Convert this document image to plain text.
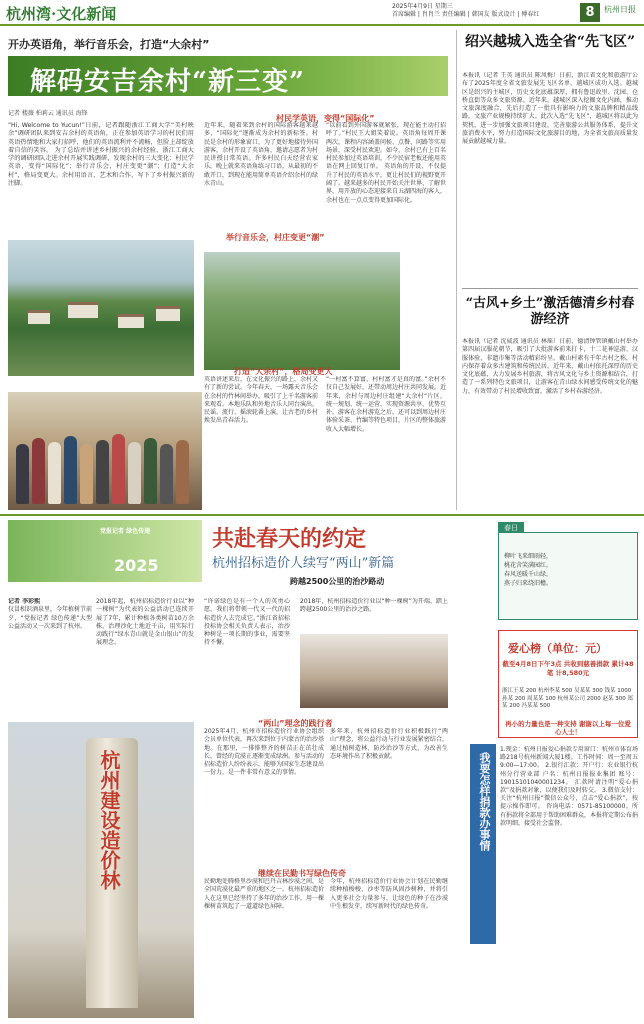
杭州湾·文化新闻	2025年4月9日 星期三
首席编辑 | 肖肖兰 责任编辑 | 韩国友 版式设计 | 傅春红	8	杭州日报
开办英语角，举行音乐会，打造“大余村”
解码安吉余村“新三变”
记者 楼薇 柏莉云 通讯员 海锋
“Hi, Welcome to Yucun!”日前，记者跟随浙江工商大学“美村映余”调研团队来到安吉余村的英语角，正在参加英语学习的村民们用英语热情地和大家打招呼，他们的英语流利并不流畅，但脸上却绽放着自信的笑容。 为了总结并讲述乡村振兴的余村经验，浙江工商大学的调研团队走进余村开展实践调研，发现余村的三大变化：村民学英语，变得“国际化”；举行音乐会，村庄变更“潮”；打造“大余村”，格局变更大。余村用语言、艺术和合作，写下了乡村振兴新的注脚。
村民学英语，变得“国际化”
近年来，随着来到余村的国际游客越来越多，“国际化”逐渐成为余村的新标签。村民是余村的形象窗口，为了更好地接待外国游客，余村开设了英语角，邀请志愿者为村民讲授日常英语。许多村民白天经营农家乐，晚上就来英语角练习口语，从最初的不敢开口，到现在能用简单英语介绍余村的绿水青山。
“以前看到外国游客就紧张，现在能主动打招呼了。”村民王大姐笑着说。英语角每周开课两次，课程内容涵盖问候、点餐、问路等实用场景，深受村民欢迎。如今，余村已有上百名村民参加过英语培训，不少民宿老板还能用英语在网上回复订单。 英语角的开设，不仅提升了村民的英语水平，更让村民们的视野更开阔了。越来越多的村民开始关注世界、了解世界，用开放的心态迎接来自五湖四海的客人，余村也在一点点变得更加国际化。
举行音乐会，村庄变更“潮”
打造“大余村”，格局变更大
英语讲述来后，在文化振兴的路上，余村又有了新的尝试。今年春天，一场露天音乐会在余村的竹林间举办，吸引了上千名游客前来观看。本地乐队和外地音乐人同台演出，民谣、流行、摇滚轮番上演，让古老的乡村焕发出青春活力。
“一村富不算富，村村富才是真的富。”余村不仅自己发展好，还带动周边村庄共同发展。近年来，余村与周边村庄组建“大余村”片区，统一规划、统一运营，实现资源共享、优势互补。游客在余村游览之后，还可以到周边村庄体验采茶、竹编等特色项目，片区的整体旅游收入大幅增长。
绍兴越城入选全省“先飞区”
本报讯（记者 王英 通讯员 陈凤梅）日前，浙江省文化和旅游厅公布了2025年度全省文旅发展先飞区名单，越城区成功入选。越城区是绍兴的主城区，历史文化底蕴深厚，拥有鲁迅故里、沈园、仓桥直街等众多文旅资源。近年来，越城区深入挖掘文化内涵，推动文旅深度融合，先后打造了一批具有影响力的文旅品牌和精品线路，文旅产业规模持续扩大。此次入选“先飞区”，越城区将以此为契机，进一步加强文旅项目建设，完善旅游公共服务体系，提升文旅消费水平，努力打造国际文化旅游目的地，为全省文旅高质量发展贡献越城力量。
“古风+乡土”激活德清乡村春游经济
本报讯（记者 沈威波 通讯员 林瑶）日前，德清钟管镇戴山村举办第四届汉服花朝节，吸引了大批游客前来打卡，十二花神巡游、汉服体验、非遗市集等活动精彩纷呈。戴山村素有千年古村之称，村内保存着众多古建筑和传统民居。近年来，戴山村依托深厚的历史文化底蕴，大力发展乡村旅游，将古风文化与乡土资源相结合，打造了一系列特色文旅项目，让游客在青山绿水间感受传统文化的魅力，有效带动了村民增收致富，激活了乡村春游经济。
党报记者 绿色传递
2025
共赴春天的约定
杭州招标造价人续写“两山”新篇
跨越2500公里的治沙路动
记者 李彩熙
仅冒相识酒泉里，今年植树节前夕，“党报记者 绿色传递”大型公益活动又一次来到了杭州。
2018年起，杭州招标造价行业以“种一棵树”为代表的公益活动已连续开展了7年，累计种植各类树苗10万余株，治理沙化土地近千亩，用实际行动践行“绿水青山就是金山银山”的发展理念。
“许诺绿色是有一个人的英勇心愿，我们将带领一代又一代的招标造价人去完成它。”浙江省招标投标协会相关负责人表示，治沙种树是一项长期的事业，需要坚持不懈。
2018年，杭州招标造价行业以“种一棵树”为开端，踏上跨越2500公里的治沙之路。
杭州建设造价林
“两山”理念的践行者
2025年4月，杭州市招标造价行业协会组织会员单位代表，再次来到位于内蒙古的治沙基地。在那里，一排排整齐的树苗正在茁壮成长，曾经的荒漠正逐渐变成绿洲。参与活动的招标造价人纷纷表示，能够为国家生态建设出一份力，是一件非常有意义的事情。
多年来，杭州招标造价行业积极践行“两山”理念，将公益行动与行业发展紧密结合，通过植树造林、防沙治沙等方式，为改善生态环境作出了积极贡献。
继续在民勤书写绿色传奇
民勤地处腾格里沙漠和巴丹吉林沙漠之间，是全国荒漠化最严重的地区之一。杭州招标造价人在这里已经坚持了多年的治沙工作，用一棵棵树苗筑起了一道道绿色屏障。
今年，杭州招标造价行业协会计划在民勤继续种植梭梭、沙枣等防风固沙树种，并将引入更多社会力量参与，让绿色的种子在沙漠中生根发芽，续写新时代的绿色传奇。
春日
柳叶飞来细雨轻，
桃花含笑满园红。
春风送暖千山绿，
燕子归来绕旧檐。
爱心榜（单位：元）
截至4月8日下午3点 共收到慈善捐款 累计48笔 计8,580元
浙江王某 200 杭州李某 500 吴某某 300 钱某 1000 孙某 200 周某某 100 杭州某公司 2000 赵某 300 郑某 200 冯某某 500
再小的力量也是一种支持 谢谢以上每一位爱心人士！
我要怎样捐款办事情
1.现金：杭州日报爱心捐款专用窗口：杭州市体育场路218号杭州新闻大厦1楼。工作时间：周一至周五9:00—17:00。 2.银行汇款：开户行：农业银行杭州分行营业部 户名：杭州日报报业集团 账号：19015101040001234。 汇款时请注明“爱心捐款”及捐款对象，以便我们及时转交。 3.微信支付：关注“杭州日报”微信公众号，点击“爱心捐款”，按提示操作即可。 咨询电话：0571-85100000。所有捐款将全部用于帮助困难群众，本报将定期公布捐款明细，接受社会监督。
